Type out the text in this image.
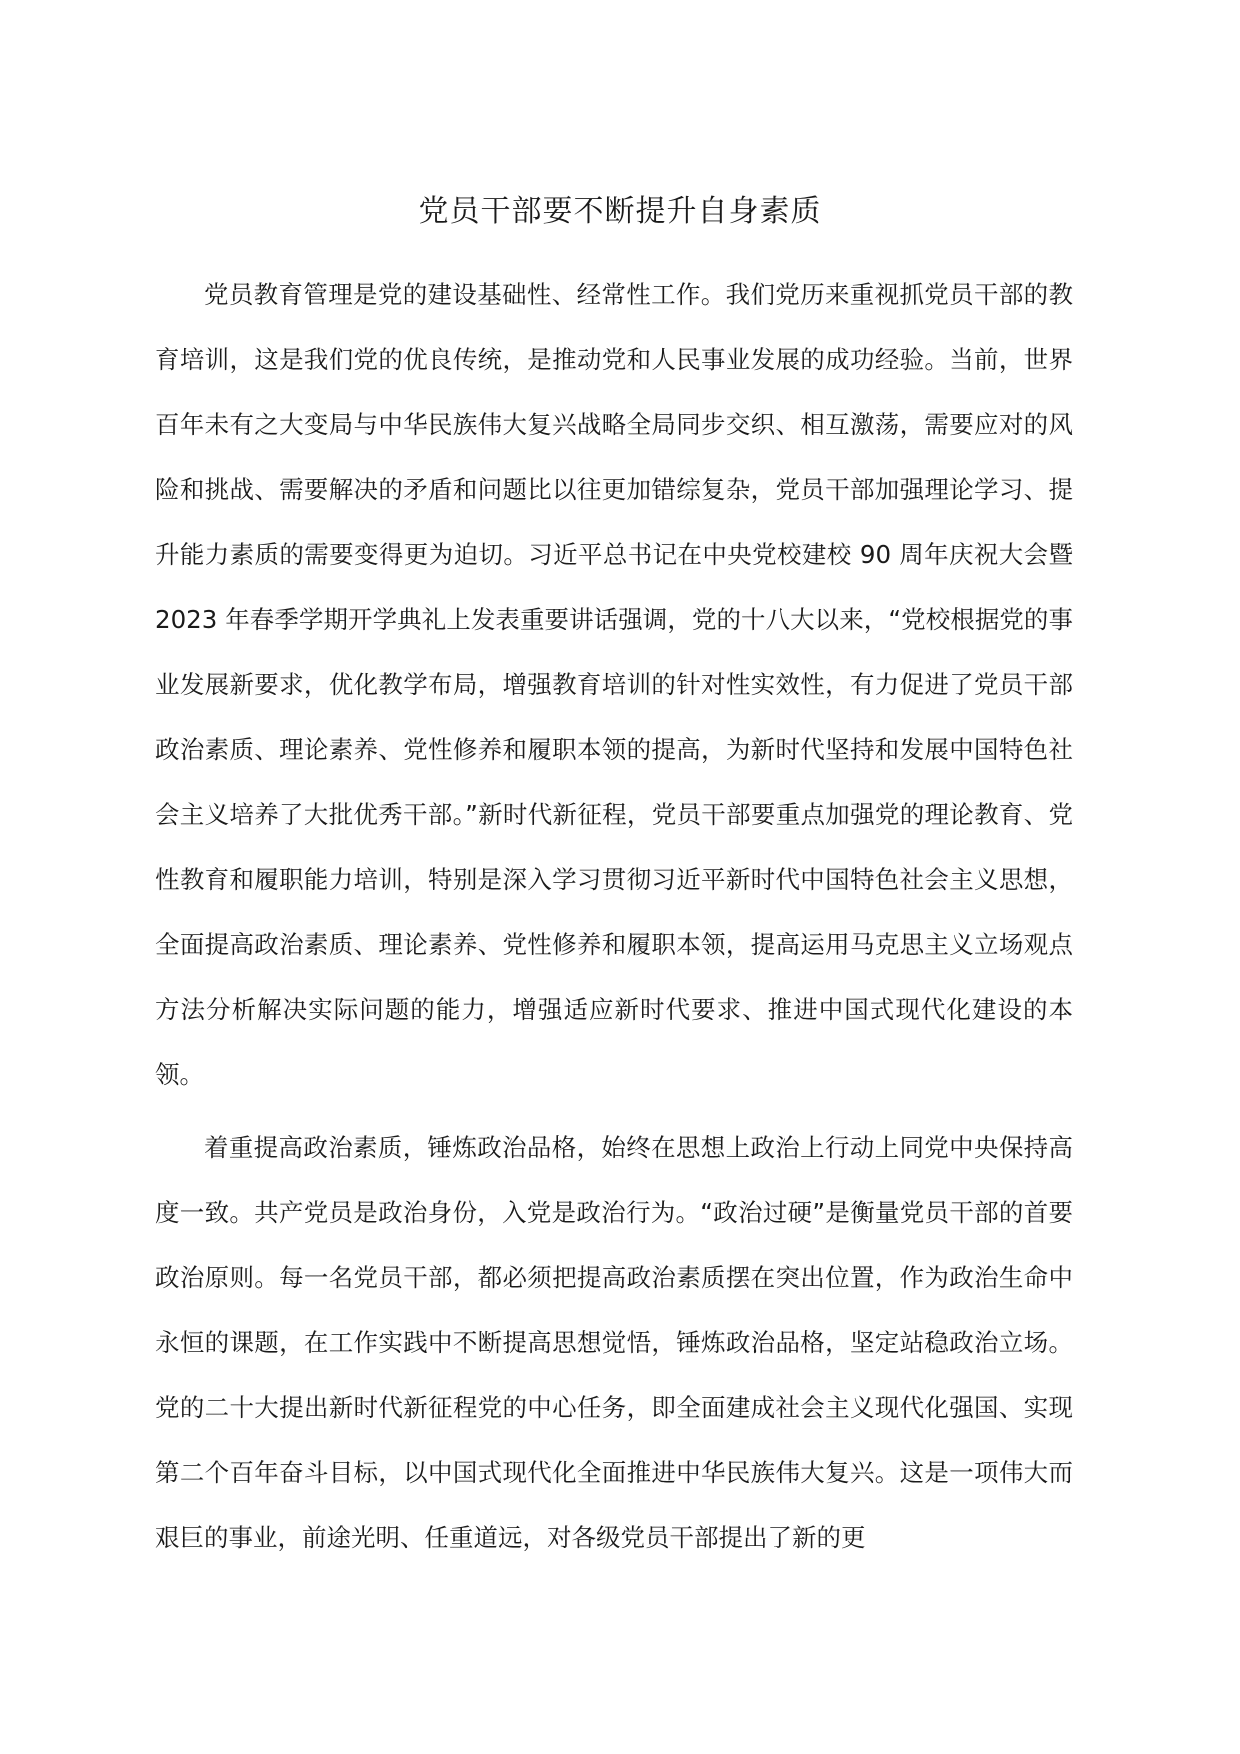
党员干部要不断提升自身素质

党员教育管理是党的建设基础性、经常性工作。我们党历来重视抓党员干部的教育培训，这是我们党的优良传统，是推动党和人民事业发展的成功经验。当前，世界百年未有之大变局与中华民族伟大复兴战略全局同步交织、相互激荡，需要应对的风险和挑战、需要解决的矛盾和问题比以往更加错综复杂，党员干部加强理论学习、提升能力素质的需要变得更为迫切。习近平总书记在中央党校建校 90 周年庆祝大会暨 2023 年春季学期开学典礼上发表重要讲话强调，党的十八大以来，“党校根据党的事业发展新要求，优化教学布局，增强教育培训的针对性实效性，有力促进了党员干部政治素质、理论素养、党性修养和履职本领的提高，为新时代坚持和发展中国特色社会主义培养了大批优秀干部。”新时代新征程，党员干部要重点加强党的理论教育、党性教育和履职能力培训，特别是深入学习贯彻习近平新时代中国特色社会主义思想，全面提高政治素质、理论素养、党性修养和履职本领，提高运用马克思主义立场观点方法分析解决实际问题的能力，增强适应新时代要求、推进中国式现代化建设的本领。

着重提高政治素质，锤炼政治品格，始终在思想上政治上行动上同党中央保持高度一致。共产党员是政治身份，入党是政治行为。“政治过硬”是衡量党员干部的首要政治原则。每一名党员干部，都必须把提高政治素质摆在突出位置，作为政治生命中永恒的课题，在工作实践中不断提高思想觉悟，锤炼政治品格，坚定站稳政治立场。党的二十大提出新时代新征程党的中心任务，即全面建成社会主义现代化强国、实现第二个百年奋斗目标，以中国式现代化全面推进中华民族伟大复兴。这是一项伟大而艰巨的事业，前途光明、任重道远，对各级党员干部提出了新的更
